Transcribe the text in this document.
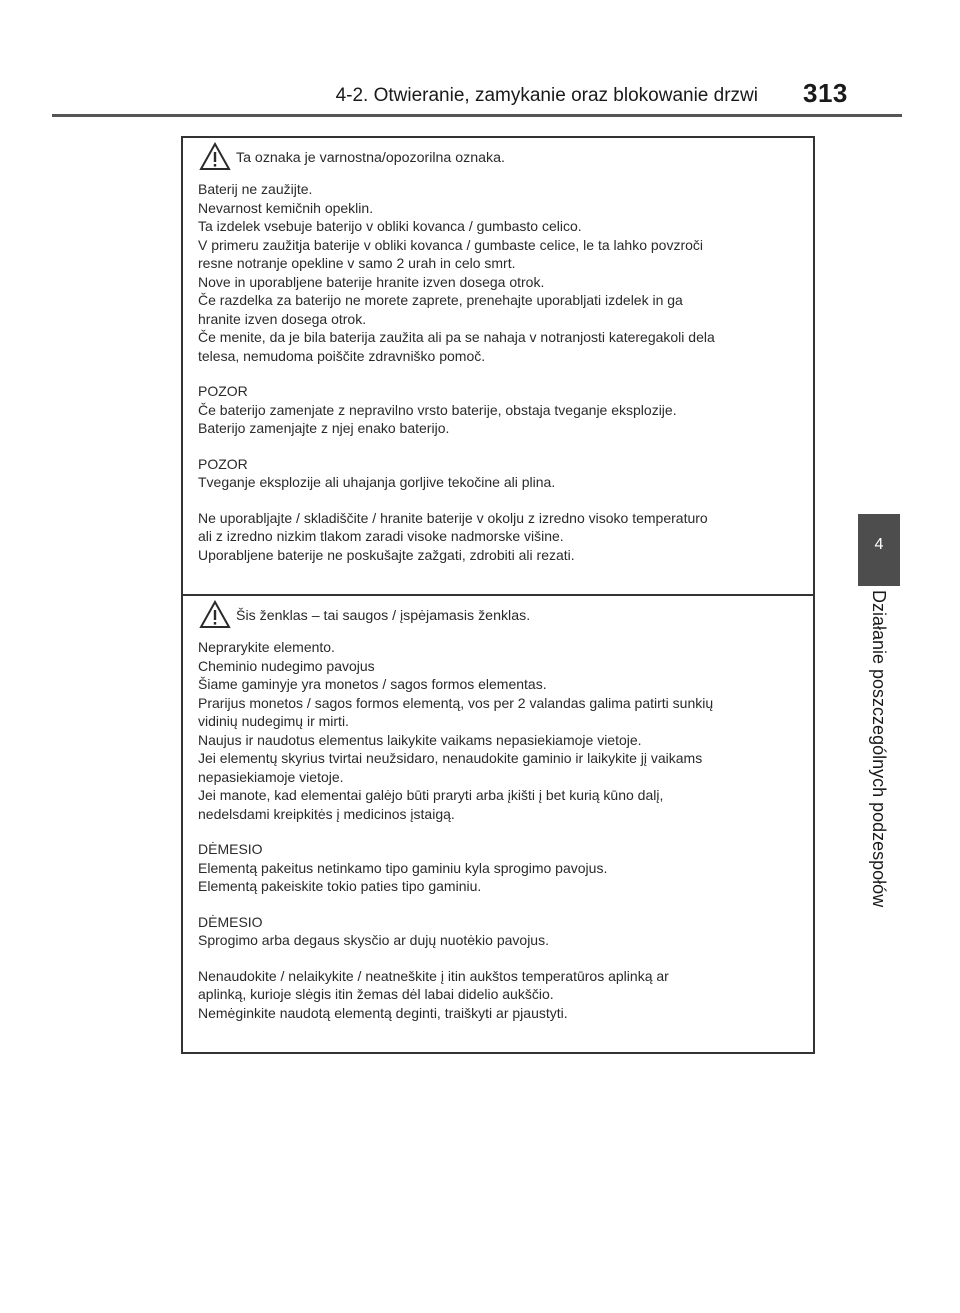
4-2. Otwieranie, zamykanie oraz blokowanie drzwi 313
4
Działanie poszczególnych podzespołów
Ta oznaka je varnostna/opozorilna oznaka.
Baterij ne zaužijte.
Nevarnost kemičnih opeklin.
Ta izdelek vsebuje baterijo v obliki kovanca / gumbasto celico.
V primeru zaužitja baterije v obliki kovanca / gumbaste celice, le ta lahko povzroči
resne notranje opekline v samo 2 urah in celo smrt.
Nove in uporabljene baterije hranite izven dosega otrok.
Če razdelka za baterijo ne morete zaprete, prenehajte uporabljati izdelek in ga
hranite izven dosega otrok.
Če menite, da je bila baterija zaužita ali pa se nahaja v notranjosti kateregakoli dela
telesa, nemudoma poiščite zdravniško pomoč.
POZOR
Če baterijo zamenjate z nepravilno vrsto baterije, obstaja tveganje eksplozije.
Baterijo zamenjajte z njej enako baterijo.
POZOR
Tveganje eksplozije ali uhajanja gorljive tekočine ali plina.
Ne uporabljajte / skladiščite / hranite baterije v okolju z izredno visoko temperaturo
ali z izredno nizkim tlakom zaradi visoke nadmorske višine.
Uporabljene baterije ne poskušajte zažgati, zdrobiti ali rezati.
Šis ženklas – tai saugos / įspėjamasis ženklas.
Neprarykite elemento.
Cheminio nudegimo pavojus
Šiame gaminyje yra monetos / sagos formos elementas.
Prarijus monetos / sagos formos elementą, vos per 2 valandas galima patirti sunkių
vidinių nudegimų ir mirti.
Naujus ir naudotus elementus laikykite vaikams nepasiekiamoje vietoje.
Jei elementų skyrius tvirtai neužsidaro, nenaudokite gaminio ir laikykite jį vaikams
nepasiekiamoje vietoje.
Jei manote, kad elementai galėjo būti praryti arba įkišti į bet kurią kūno dalį,
nedelsdami kreipkitės į medicinos įstaigą.
DĖMESIO
Elementą pakeitus netinkamo tipo gaminiu kyla sprogimo pavojus.
Elementą pakeiskite tokio paties tipo gaminiu.
DĖMESIO
Sprogimo arba degaus skysčio ar dujų nuotėkio pavojus.
Nenaudokite / nelaikykite / neatneškite į itin aukštos temperatūros aplinką ar
aplinką, kurioje slėgis itin žemas dėl labai didelio aukščio.
Nemėginkite naudotą elementą deginti, traiškyti ar pjaustyti.
